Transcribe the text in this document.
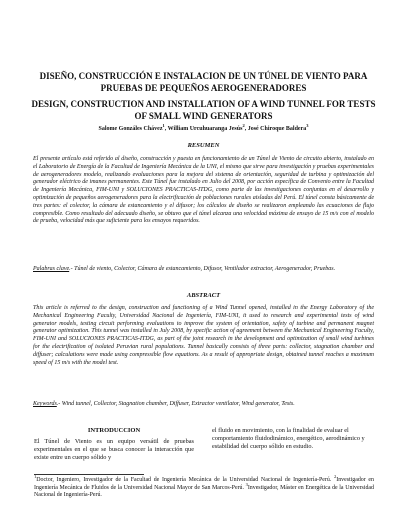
DISEÑO, CONSTRUCCIÓN E INSTALACION DE UN TÚNEL DE VIENTO PARA PRUEBAS DE PEQUEÑOS AEROGENERADORES
DESIGN, CONSTRUCTION AND INSTALLATION OF A WIND TUNNEL FOR TESTS OF SMALL WIND GENERATORS
Salome Gonzáles Chávez$^1$, William Urcuhuaranga Jesús$^2$, José Chiroque Baldera$^3$
RESUMEN

El presente artículo está referido al diseño, construcción y puesta en funcionamiento de un Túnel de Viento de circuito abierto, instalado en el Laboratorio de Energía de la Facultad de Ingeniería Mecánica de la UNI, el mismo que sirve para investigación y pruebas experimentales de aerogeneradores modelo, realizando evaluaciones para la mejora del sistema de orientación, seguridad de turbina y optimización del generador eléctrico de imanes permanentes. Este Túnel fue instalado en Julio del 2008, por acción específica de Convenio entre la Facultad de Ingeniería Mecánica, FIM-UNI y SOLUCIONES PRACTICAS-ITDG, como parte de las investigaciones conjuntas en el desarrollo y optimización de pequeños aerogeneradores para la electrificación de poblaciones rurales aisladas del Perú. El túnel consta básicamente de tres partes: el colector, la cámara de estancamiento y el difusor; los cálculos de diseño se realizaron empleando las ecuaciones de flujo compresible. Como resultado del adecuado diseño, se obtuvo que el túnel alcanza una velocidad máxima de ensayo de 15 m/s con el modelo de prueba, velocidad más que suficiente para los ensayos requeridos.

Palabras clave.- Túnel de viento, Colector, Cámara de estancamiento, Difusor, Ventilador extractor, Aerogenerador, Pruebas.

ABSTRACT

This article is referred to the design, construction and functioning of a Wind Tunnel opened, installed in the Energy Laboratory of the Mechanical Engineering Faculty, Universidad Nacional de Ingeniería, FIM-UNI, it used to research and experimental tests of wind generator models, testing circuit performing evaluations to improve the system of orientation, safety of turbine and permanent magnet generator optimization. This tunnel was installed in July 2008, by specific action of agreement between the Mechanical Engineering Faculty, FIM-UNI and SOLUCIONES PRACTICAS-ITDG, as part of the joint research in the development and optimization of small wind turbines for the electrification of isolated Peruvian rural populations. Tunnel basically consists of three parts: collector, stagnation chamber and diffuser; calculations were made using compressible flow equations. As a result of appropriate design, obtained tunnel reaches a maximum speed of 15 m/s with the model test.

Keywords.- Wind tunnel, Collector, Stagnation chamber, Diffuser, Extractor ventilator, Wind generator, Tests.

INTRODUCCION

El Túnel de Viento es un equipo versátil de pruebas experimentales en el que se busca conocer la interacción que existe entre un cuerpo sólido y

el fluido en movimiento, con la finalidad de evaluar el comportamiento fluidodinámico, energético, aerodinámico y estabilidad del cuerpo sólido en estudio.

$^1$Doctor, Ingeniero, Investigador de la Facultad de Ingeniería Mecánica de la Universidad Nacional de Ingeniería-Perú. $^2$Investigador en Ingeniería Mecánica de Fluidos de la Universidad Nacional Mayor de San Marcos-Perú. $^3$Investigador, Máster en Energética de la Universidad Nacional de Ingeniería-Perú.
